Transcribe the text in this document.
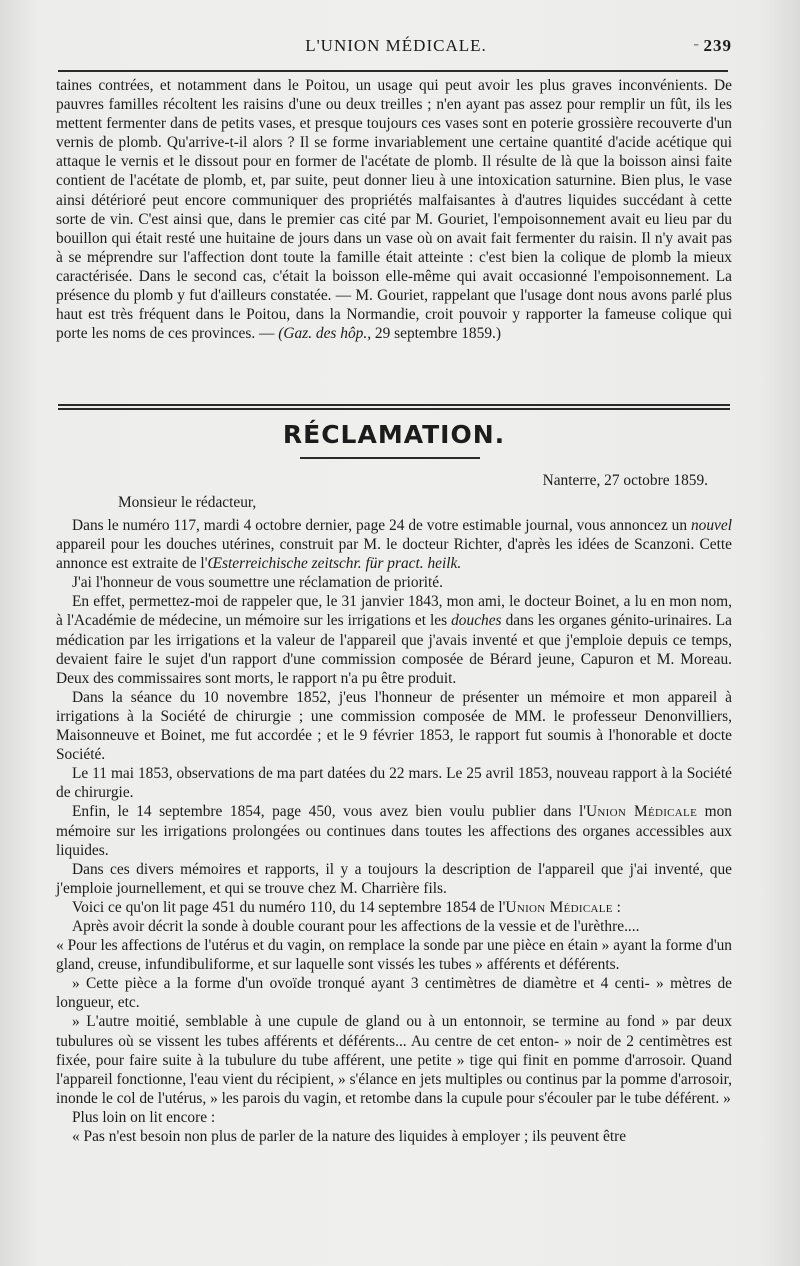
L'UNION MÉDICALE.	- 239

taines contrées, et notamment dans le Poitou, un usage qui peut avoir les plus graves inconvénients. De pauvres familles récoltent les raisins d'une ou deux treilles ; n'en ayant pas assez pour remplir un fût, ils les mettent fermenter dans de petits vases, et presque toujours ces vases sont en poterie grossière recouverte d'un vernis de plomb. Qu'arrive-t-il alors ? Il se forme invariablement une certaine quantité d'acide acétique qui attaque le vernis et le dissout pour en former de l'acétate de plomb. Il résulte de là que la boisson ainsi faite contient de l'acétate de plomb, et, par suite, peut donner lieu à une intoxication saturnine. Bien plus, le vase ainsi détérioré peut encore communiquer des propriétés malfaisantes à d'autres liquides succédant à cette sorte de vin. C'est ainsi que, dans le premier cas cité par M. Gouriet, l'empoisonnement avait eu lieu par du bouillon qui était resté une huitaine de jours dans un vase où on avait fait fermenter du raisin. Il n'y avait pas à se méprendre sur l'affection dont toute la famille était atteinte : c'est bien la colique de plomb la mieux caractérisée. Dans le second cas, c'était la boisson elle-même qui avait occasionné l'empoisonnement. La présence du plomb y fut d'ailleurs constatée. — M. Gouriet, rappelant que l'usage dont nous avons parlé plus haut est très fréquent dans le Poitou, dans la Normandie, croit pouvoir y rapporter la fameuse colique qui porte les noms de ces provinces. — (Gaz. des hôp., 29 septembre 1859.)

RÉCLAMATION.
Nanterre, 27 octobre 1859.
Monsieur le rédacteur,

Dans le numéro 117, mardi 4 octobre dernier, page 24 de votre estimable journal, vous annoncez un nouvel appareil pour les douches utérines, construit par M. le docteur Richter, d'après les idées de Scanzoni. Cette annonce est extraite de l'Œsterreichische zeitschr. für pract. heilk.

J'ai l'honneur de vous soumettre une réclamation de priorité.

En effet, permettez-moi de rappeler que, le 31 janvier 1843, mon ami, le docteur Boinet, a lu en mon nom, à l'Académie de médecine, un mémoire sur les irrigations et les douches dans les organes génito-urinaires. La médication par les irrigations et la valeur de l'appareil que j'avais inventé et que j'emploie depuis ce temps, devaient faire le sujet d'un rapport d'une commission composée de Bérard jeune, Capuron et M. Moreau. Deux des commissaires sont morts, le rapport n'a pu être produit.

Dans la séance du 10 novembre 1852, j'eus l'honneur de présenter un mémoire et mon appareil à irrigations à la Société de chirurgie ; une commission composée de MM. le professeur Denonvilliers, Maisonneuve et Boinet, me fut accordée ; et le 9 février 1853, le rapport fut soumis à l'honorable et docte Société.

Le 11 mai 1853, observations de ma part datées du 22 mars. Le 25 avril 1853, nouveau rapport à la Société de chirurgie.

Enfin, le 14 septembre 1854, page 450, vous avez bien voulu publier dans l'Union Médicale mon mémoire sur les irrigations prolongées ou continues dans toutes les affections des organes accessibles aux liquides.

Dans ces divers mémoires et rapports, il y a toujours la description de l'appareil que j'ai inventé, que j'emploie journellement, et qui se trouve chez M. Charrière fils.

Voici ce qu'on lit page 451 du numéro 110, du 14 septembre 1854 de l'Union Médicale :

Après avoir décrit la sonde à double courant pour les affections de la vessie et de l'urèthre....

« Pour les affections de l'utérus et du vagin, on remplace la sonde par une pièce en étain » ayant la forme d'un gland, creuse, infundibuliforme, et sur laquelle sont vissés les tubes » afférents et déférents.

» Cette pièce a la forme d'un ovoïde tronqué ayant 3 centimètres de diamètre et 4 centi- » mètres de longueur, etc.

» L'autre moitié, semblable à une cupule de gland ou à un entonnoir, se termine au fond » par deux tubulures où se vissent les tubes afférents et déférents... Au centre de cet enton- » noir de 2 centimètres est fixée, pour faire suite à la tubulure du tube afférent, une petite » tige qui finit en pomme d'arrosoir. Quand l'appareil fonctionne, l'eau vient du récipient, » s'élance en jets multiples ou continus par la pomme d'arrosoir, inonde le col de l'utérus, » les parois du vagin, et retombe dans la cupule pour s'écouler par le tube déférent. »

Plus loin on lit encore :

« Pas n'est besoin non plus de parler de la nature des liquides à employer ; ils peuvent être
